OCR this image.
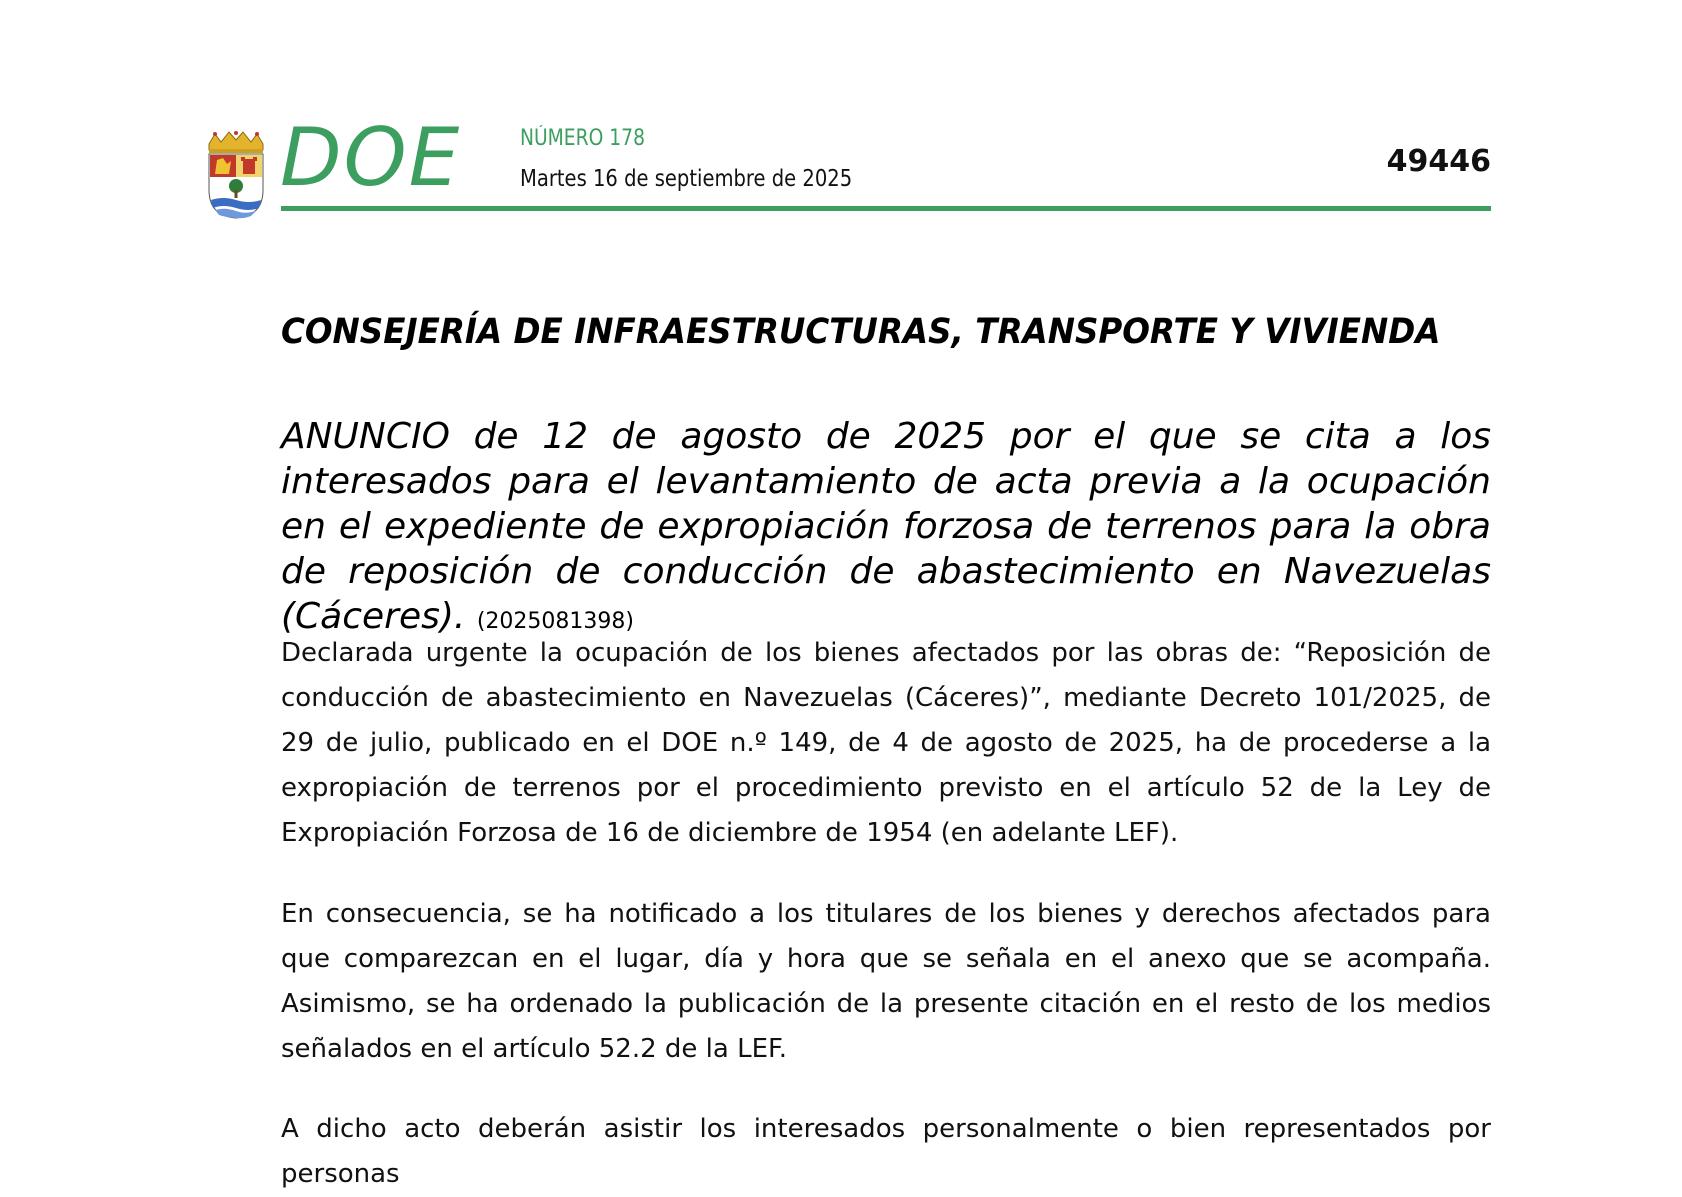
DOE	NÚMERO 178
Martes 16 de septiembre de 2025	49446
CONSEJERÍA DE INFRAESTRUCTURAS, TRANSPORTE Y VIVIENDA
ANUNCIO de 12 de agosto de 2025 por el que se cita a los interesados para el levantamiento de acta previa a la ocupación en el expediente de expropiación forzosa de terrenos para la obra de reposición de conducción de abastecimiento en Navezuelas (Cáceres). (2025081398)
Declarada urgente la ocupación de los bienes afectados por las obras de: “Reposición de conducción de abastecimiento en Navezuelas (Cáceres)”, mediante Decreto 101/2025, de 29 de julio, publicado en el DOE n.º 149, de 4 de agosto de 2025, ha de procederse a la expropiación de terrenos por el procedimiento previsto en el artículo 52 de la Ley de Expropiación Forzosa de 16 de diciembre de 1954 (en adelante LEF).
En consecuencia, se ha notificado a los titulares de los bienes y derechos afectados para que comparezcan en el lugar, día y hora que se señala en el anexo que se acompaña. Asimismo, se ha ordenado la publicación de la presente citación en el resto de los medios señalados en el artículo 52.2 de la LEF.
A dicho acto deberán asistir los interesados personalmente o bien representados por personas
